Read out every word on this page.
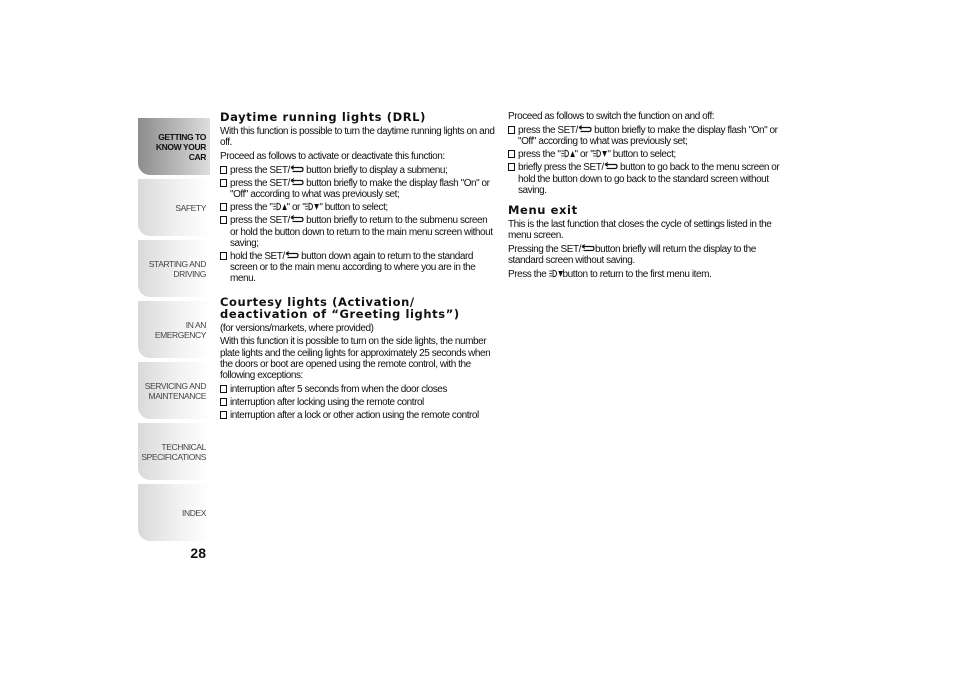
GETTING TO
KNOW YOUR CAR
SAFETY
STARTING AND
DRIVING
IN AN EMERGENCY
SERVICING AND
MAINTENANCE
TECHNICAL
SPECIFICATIONS
INDEX
28
Daytime running lights (DRL)

With this function is possible to turn the daytime running lights on and off.

Proceed as follows to activate or deactivate this function:

press the SET/
button briefly to display a submenu;

press the SET/
button briefly to make the display flash "On" or "Off" according to what was previously set;

press the " " or " " button to select;

press the SET/
button briefly to return to the submenu screen or hold the button down to return to the main menu screen without saving;

hold the SET/
button down again to return to the standard screen or to the main menu according to where you are in the menu.

Courtesy lights (Activation/ deactivation of “Greeting lights”)

(for versions/markets, where provided)

With this function it is possible to turn on the side lights, the number plate lights and the ceiling lights for approximately 25 seconds when the doors or boot are opened using the remote control, with the following exceptions:

interruption after 5 seconds from when the door closes

interruption after locking using the remote control

interruption after a lock or other action using the remote control

Proceed as follows to switch the function on and off:

press the SET/
button briefly to make the display flash "On" or "Off" according to what was previously set;

press the " " or " " button to select;

briefly press the SET/
button to go back to the menu screen or hold the button down to go back to the standard screen without saving.

Menu exit

This is the last function that closes the cycle of settings listed in the menu screen.

Pressing the SET/ button briefly will return the display to the standard screen without saving.

Press the
button to return to the first menu item.
